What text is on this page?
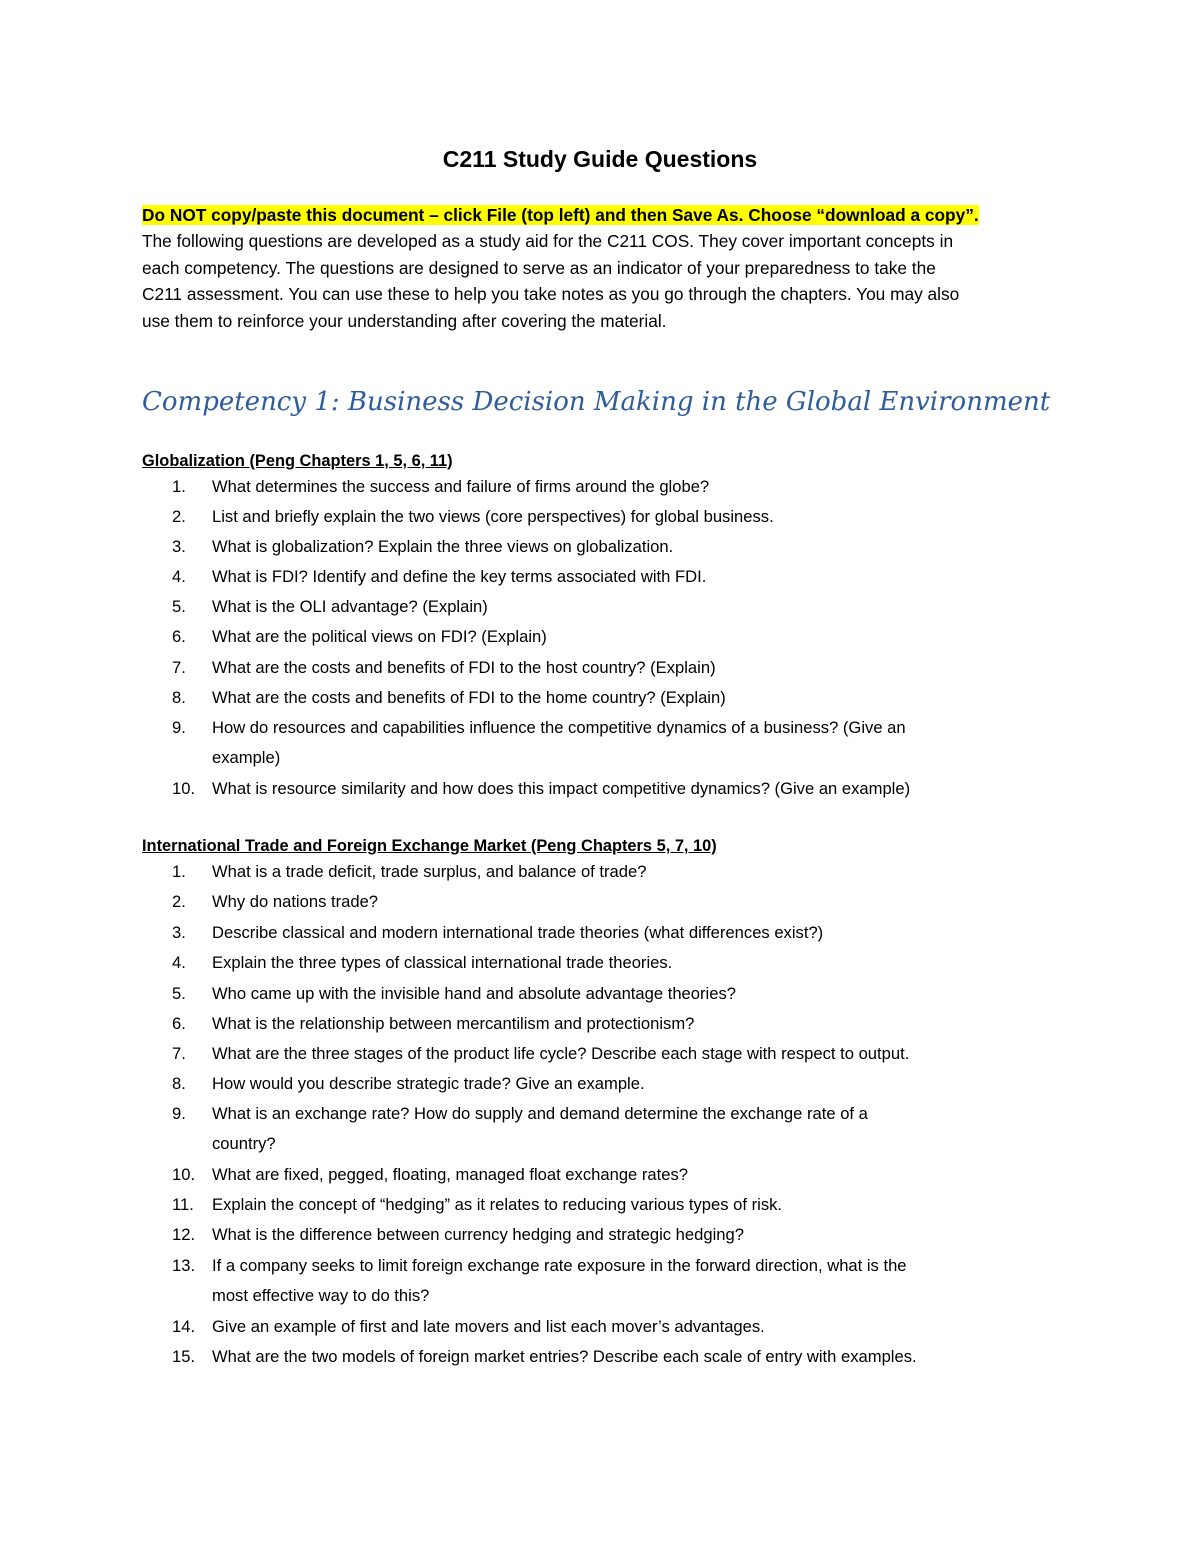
C211 Study Guide Questions
Do NOT copy/paste this document – click File (top left) and then Save As. Choose “download a copy”.
The following questions are developed as a study aid for the C211 COS. They cover important concepts in
each competency. The questions are designed to serve as an indicator of your preparedness to take the
C211 assessment. You can use these to help you take notes as you go through the chapters. You may also
use them to reinforce your understanding after covering the material.
Competency 1: Business Decision Making in the Global Environment
Globalization (Peng Chapters 1, 5, 6, 11)
1. What determines the success and failure of firms around the globe?
2. List and briefly explain the two views (core perspectives) for global business.
3. What is globalization? Explain the three views on globalization.
4. What is FDI? Identify and define the key terms associated with FDI.
5. What is the OLI advantage? (Explain)
6. What are the political views on FDI? (Explain)
7. What are the costs and benefits of FDI to the host country? (Explain)
8. What are the costs and benefits of FDI to the home country? (Explain)
9. How do resources and capabilities influence the competitive dynamics of a business? (Give an
example)
10. What is resource similarity and how does this impact competitive dynamics? (Give an example)
International Trade and Foreign Exchange Market (Peng Chapters 5, 7, 10)
1. What is a trade deficit, trade surplus, and balance of trade?
2. Why do nations trade?
3. Describe classical and modern international trade theories (what differences exist?)
4. Explain the three types of classical international trade theories.
5. Who came up with the invisible hand and absolute advantage theories?
6. What is the relationship between mercantilism and protectionism?
7. What are the three stages of the product life cycle? Describe each stage with respect to output.
8. How would you describe strategic trade? Give an example.
9. What is an exchange rate? How do supply and demand determine the exchange rate of a
country?
10. What are fixed, pegged, floating, managed float exchange rates?
11. Explain the concept of “hedging” as it relates to reducing various types of risk.
12. What is the difference between currency hedging and strategic hedging?
13. If a company seeks to limit foreign exchange rate exposure in the forward direction, what is the
most effective way to do this?
14. Give an example of first and late movers and list each mover’s advantages.
15. What are the two models of foreign market entries? Describe each scale of entry with examples.
